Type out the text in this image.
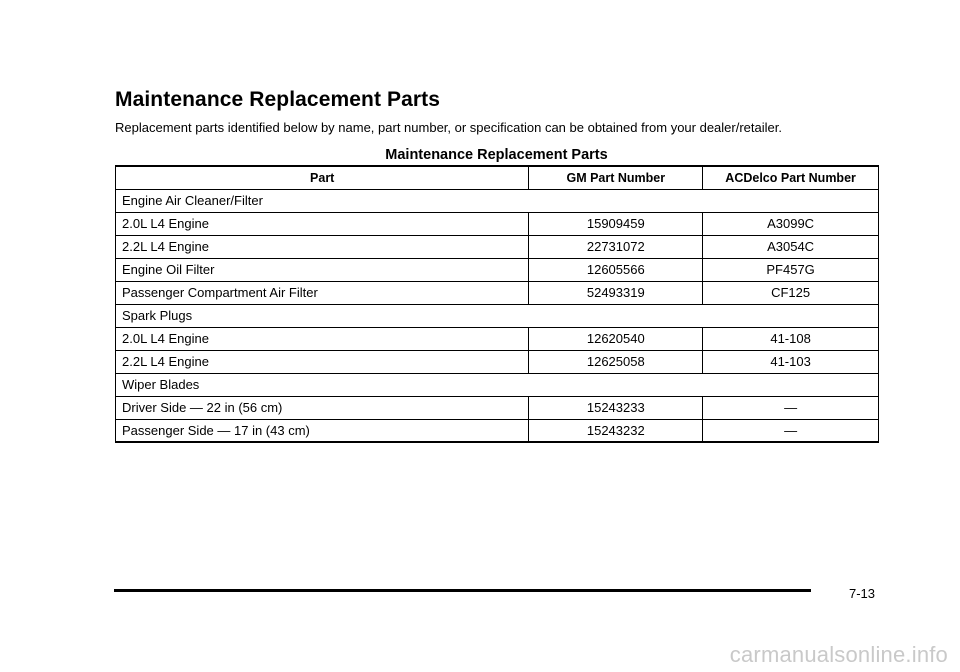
Maintenance Replacement Parts

Replacement parts identified below by name, part number, or specification can be obtained from your dealer/retailer.

Maintenance Replacement Parts

Part	GM Part Number	ACDelco Part Number
Engine Air Cleaner/Filter		
2.0L L4 Engine	15909459	A3099C
2.2L L4 Engine	22731072	A3054C
Engine Oil Filter	12605566	PF457G
Passenger Compartment Air Filter	52493319	CF125
Spark Plugs		
2.0L L4 Engine	12620540	41-108
2.2L L4 Engine	12625058	41-103
Wiper Blades		
Driver Side — 22 in (56 cm)	15243233	—
Passenger Side — 17 in (43 cm)	15243232	—
7-13
carmanualsonline.info
